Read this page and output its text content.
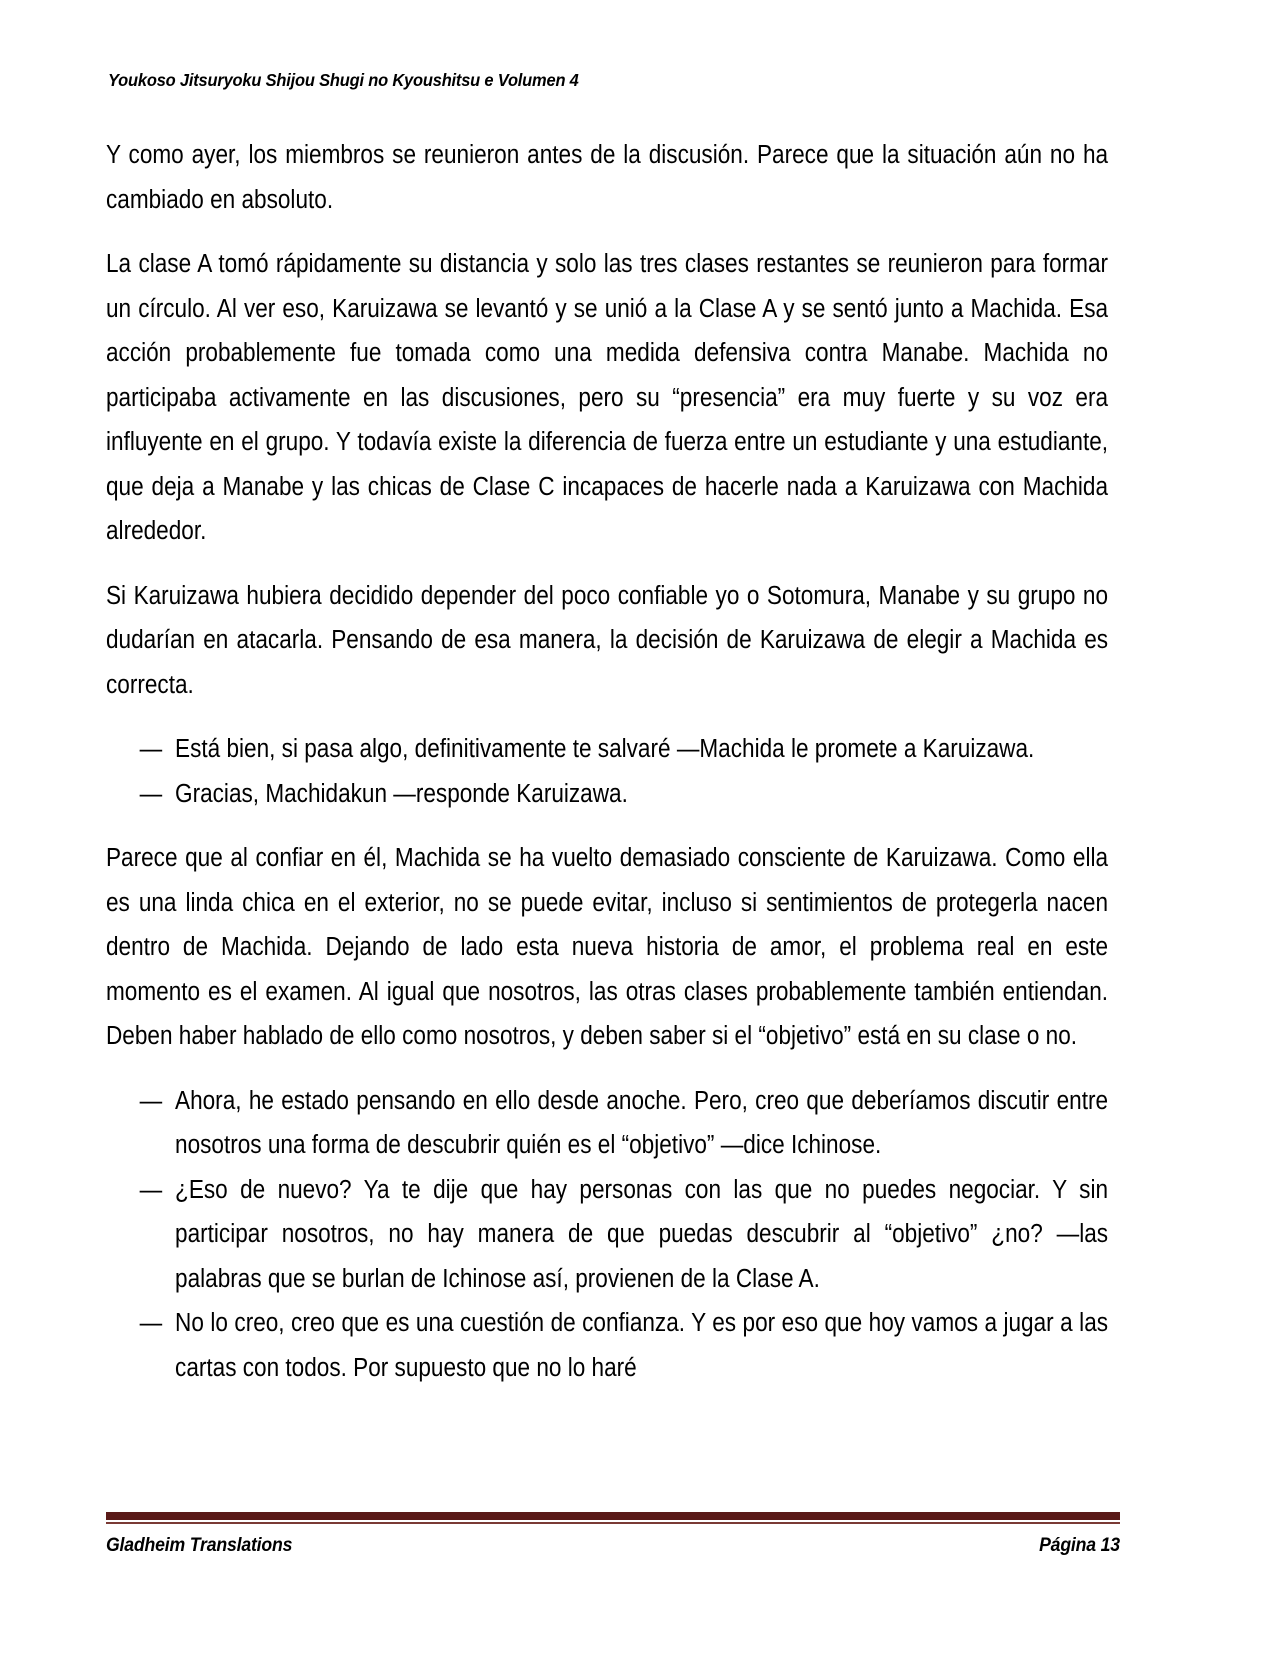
Youkoso Jitsuryoku Shijou Shugi no Kyoushitsu e Volumen 4

Y como ayer, los miembros se reunieron antes de la discusión. Parece que la situación aún no ha cambiado en absoluto.

La clase A tomó rápidamente su distancia y solo las tres clases restantes se reunieron para formar un círculo. Al ver eso, Karuizawa se levantó y se unió a la Clase A y se sentó junto a Machida. Esa acción probablemente fue tomada como una medida defensiva contra Manabe. Machida no participaba activamente en las discusiones, pero su “presencia” era muy fuerte y su voz era influyente en el grupo. Y todavía existe la diferencia de fuerza entre un estudiante y una estudiante, que deja a Manabe y las chicas de Clase C incapaces de hacerle nada a Karuizawa con Machida alrededor.

Si Karuizawa hubiera decidido depender del poco confiable yo o Sotomura, Manabe y su grupo no dudarían en atacarla. Pensando de esa manera, la decisión de Karuizawa de elegir a Machida es correcta.

— Está bien, si pasa algo, definitivamente te salvaré —Machida le promete a Karuizawa.

— Gracias, Machidakun —responde Karuizawa.

Parece que al confiar en él, Machida se ha vuelto demasiado consciente de Karuizawa. Como ella es una linda chica en el exterior, no se puede evitar, incluso si sentimientos de protegerla nacen dentro de Machida. Dejando de lado esta nueva historia de amor, el problema real en este momento es el examen. Al igual que nosotros, las otras clases probablemente también entiendan. Deben haber hablado de ello como nosotros, y deben saber si el “objetivo” está en su clase o no.

— Ahora, he estado pensando en ello desde anoche. Pero, creo que deberíamos discutir entre nosotros una forma de descubrir quién es el “objetivo” —dice Ichinose.

— ¿Eso de nuevo? Ya te dije que hay personas con las que no puedes negociar. Y sin participar nosotros, no hay manera de que puedas descubrir al “objetivo” ¿no? —las palabras que se burlan de Ichinose así, provienen de la Clase A.

— No lo creo, creo que es una cuestión de confianza. Y es por eso que hoy vamos a jugar a las cartas con todos. Por supuesto que no lo haré

Gladheim Translations	Página 13
